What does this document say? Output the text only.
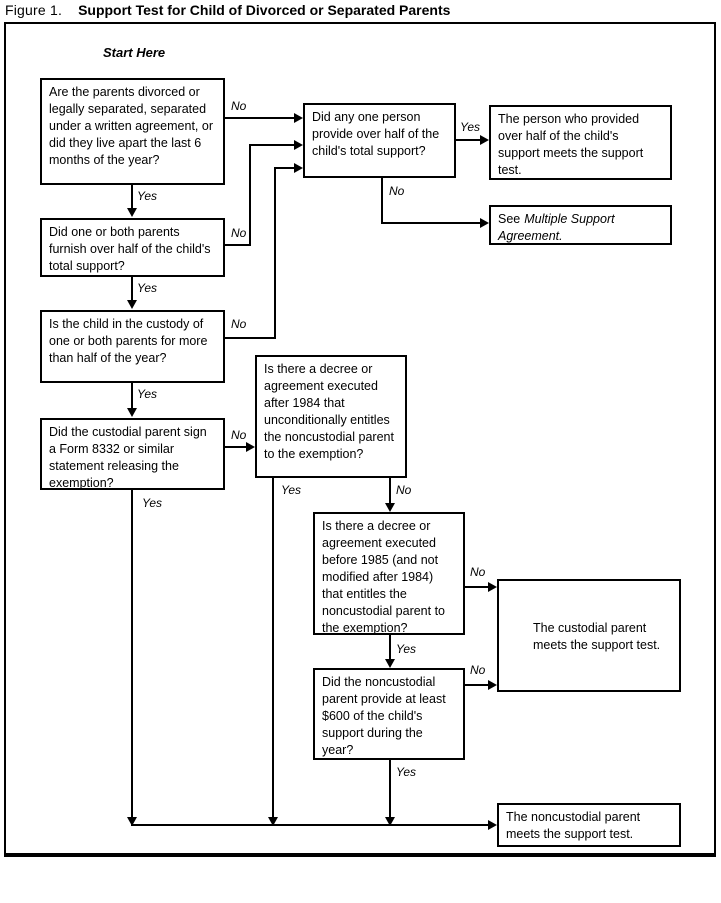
Figure 1. Support Test for Child of Divorced or Separated Parents
Start Here
Are the parents divorced or legally separated, separated under a written agreement, or did they live apart the last 6 months of the year?
Did one or both parents furnish over half of the child's total support?
Is the child in the custody of one or both parents for more than half of the year?
Did the custodial parent sign a Form 8332 or similar statement releasing the exemption?
Did any one person provide over half of the child's total support?
The person who provided over half of the child's support meets the support test.
See Multiple Support Agreement.
Is there a decree or agreement executed after 1984 that unconditionally entitles the noncustodial parent to the exemption?
Is there a decree or agreement executed before 1985 (and not modified after 1984) that entitles the noncustodial parent to the exemption?
Did the noncustodial parent provide at least $600 of the child's support during the year?
The custodial parent meets the support test.
The noncustodial parent meets the support test.
Yes
Yes
Yes
Yes
Yes
Yes
Yes
Yes
No
No
No
No
No
No
No
No
